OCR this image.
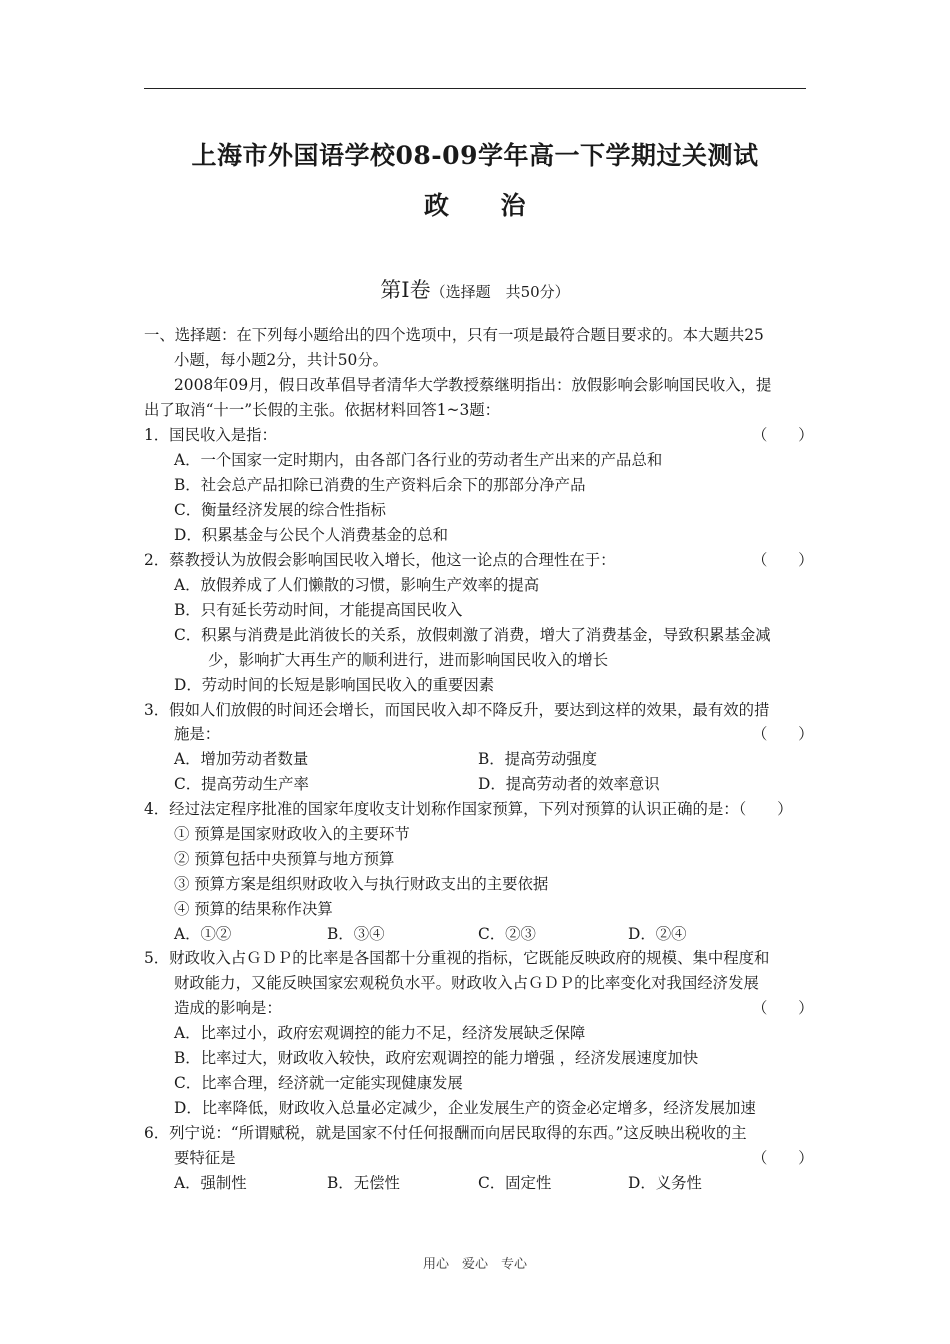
上海市外国语学校08-09学年高一下学期过关测试
政　　治
第Ⅰ卷（选择题　共50分）
一、选择题：在下列每小题给出的四个选项中，只有一项是最符合题目要求的。本大题共25
小题，每小题2分，共计50分。
2008年09月，假日改革倡导者清华大学教授蔡继明指出：放假影响会影响国民收入，提
出了取消“十一”长假的主张。依据材料回答1~3题：
1．国民收入是指：	（　　）
A．一个国家一定时期内，由各部门各行业的劳动者生产出来的产品总和
B．社会总产品扣除已消费的生产资料后余下的那部分净产品
C．衡量经济发展的综合性指标
D．积累基金与公民个人消费基金的总和
2．蔡教授认为放假会影响国民收入增长，他这一论点的合理性在于：	（　　）
A．放假养成了人们懒散的习惯，影响生产效率的提高
B．只有延长劳动时间，才能提高国民收入
C．积累与消费是此消彼长的关系，放假刺激了消费，增大了消费基金，导致积累基金减
少，影响扩大再生产的顺利进行，进而影响国民收入的增长
D．劳动时间的长短是影响国民收入的重要因素
3．假如人们放假的时间还会增长，而国民收入却不降反升，要达到这样的效果，最有效的措
施是：	（　　）
A．增加劳动者数量	B．提高劳动强度
C．提高劳动生产率	D．提高劳动者的效率意识
4．经过法定程序批准的国家年度收支计划称作国家预算，下列对预算的认识正确的是：（　　）
① 预算是国家财政收入的主要环节
② 预算包括中央预算与地方预算
③ 预算方案是组织财政收入与执行财政支出的主要依据
④ 预算的结果称作决算
A．①②	B．③④	C．②③	D．②④
5．财政收入占ＧＤＰ的比率是各国都十分重视的指标，它既能反映政府的规模、集中程度和
财政能力，又能反映国家宏观税负水平。财政收入占ＧＤＰ的比率变化对我国经济发展
造成的影响是：	（　　）
A．比率过小，政府宏观调控的能力不足，经济发展缺乏保障
B．比率过大，财政收入较快，政府宏观调控的能力增强 ，经济发展速度加快
C．比率合理，经济就一定能实现健康发展
D．比率降低，财政收入总量必定减少，企业发展生产的资金必定增多，经济发展加速
6．列宁说：“所谓赋税，就是国家不付任何报酬而向居民取得的东西。”这反映出税收的主
要特征是	（　　）
A．强制性	B．无偿性	C．固定性	D．义务性
用心　爱心　专心
